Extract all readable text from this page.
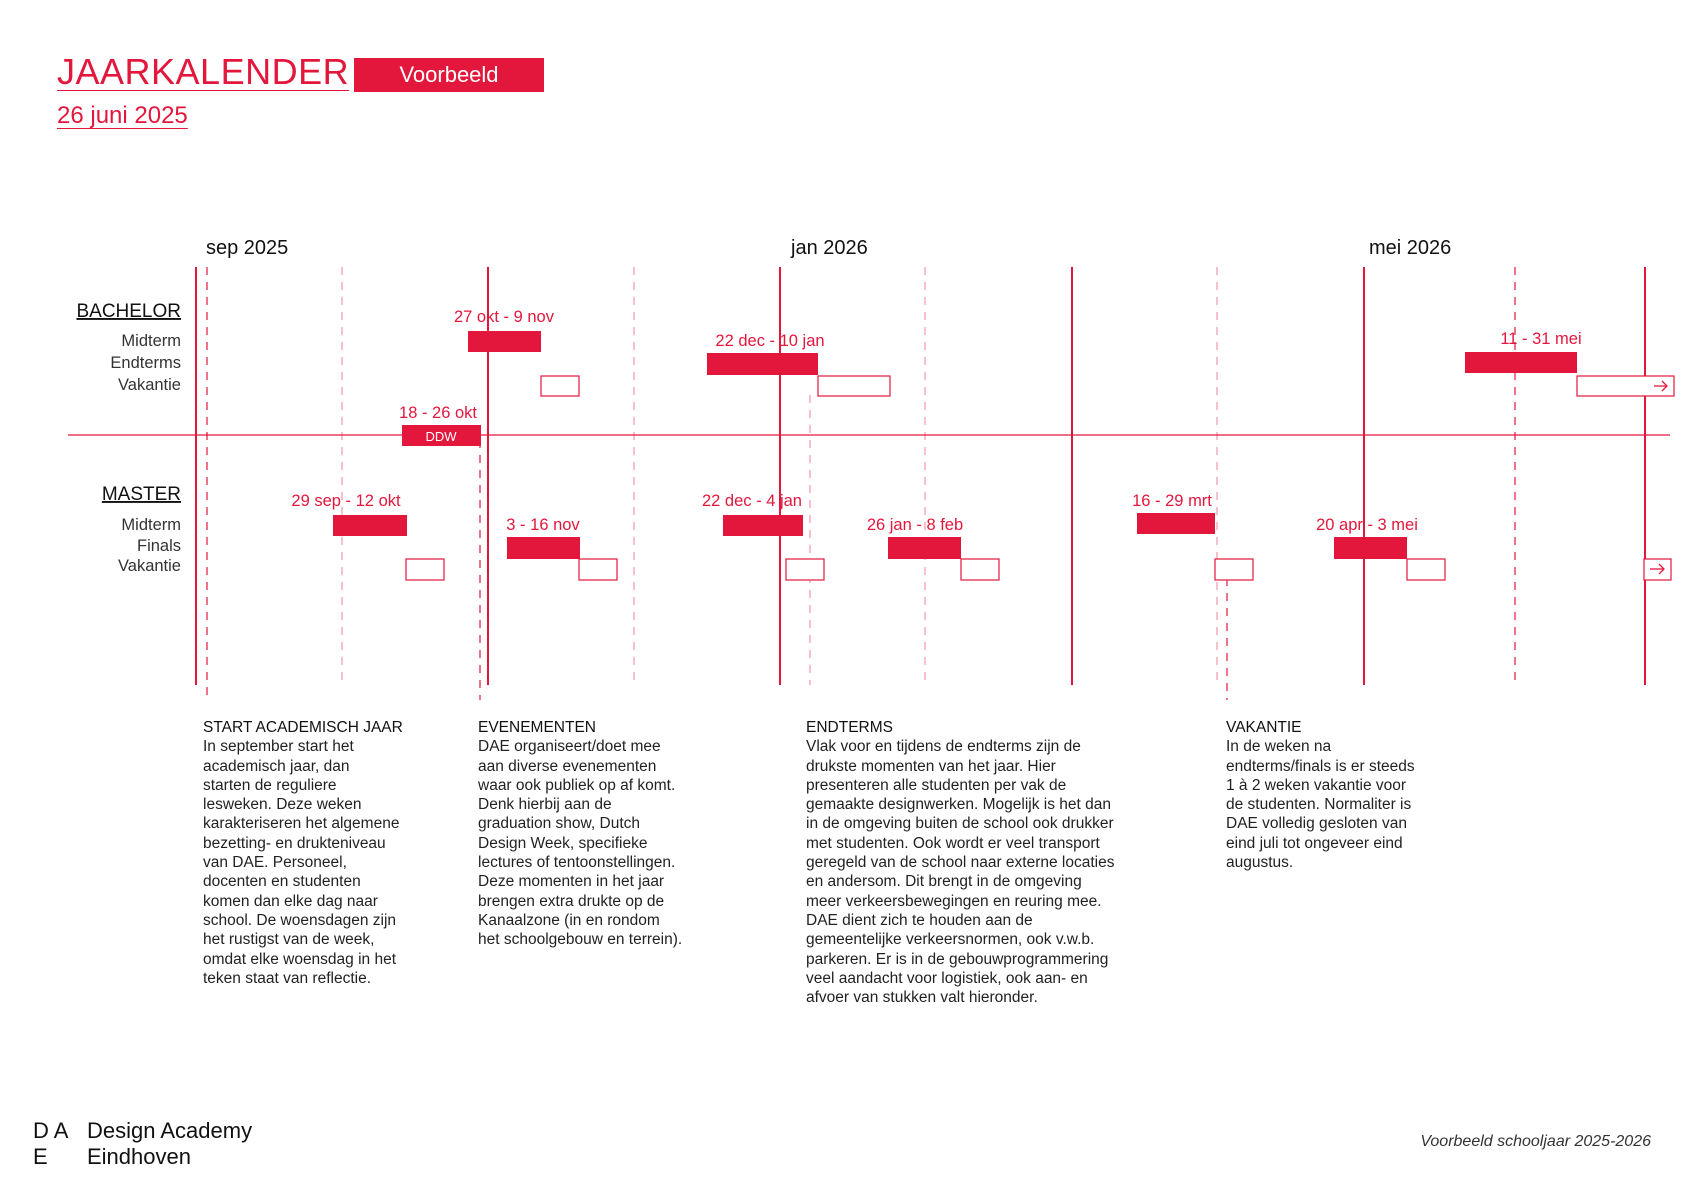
JAARKALENDER
26 juni 2025
Voorbeeld
sep 2025	jan 2026	mei 2026
BACHELOR
Midterm
Endterms
Vakantie
MASTER
Midterm
Finals
Vakantie
27 okt - 9 nov
22 dec - 10 jan	11 - 31 mei
18 - 26 okt
DDW
29 sep - 12 okt
3 - 16 nov
22 dec - 4 jan
26 jan - 8 feb
16 - 29 mrt
20 apr - 3 mei
START ACADEMISCH JAAR
In september start het
academisch jaar, dan
starten de reguliere
lesweken. Deze weken
karakteriseren het algemene
bezetting- en drukteniveau
van DAE. Personeel,
docenten en studenten
komen dan elke dag naar
school. De woensdagen zijn
het rustigst van de week,
omdat elke woensdag in het
teken staat van reflectie.
EVENEMENTEN
DAE organiseert/doet mee
aan diverse evenementen
waar ook publiek op af komt.
Denk hierbij aan de
graduation show, Dutch
Design Week, specifieke
lectures of tentoonstellingen.
Deze momenten in het jaar
brengen extra drukte op de
Kanaalzone (in en rondom
het schoolgebouw en terrein).
ENDTERMS
Vlak voor en tijdens de endterms zijn de
drukste momenten van het jaar. Hier
presenteren alle studenten per vak de
gemaakte designwerken. Mogelijk is het dan
in de omgeving buiten de school ook drukker
met studenten. Ook wordt er veel transport
geregeld van de school naar externe locaties
en andersom. Dit brengt in de omgeving
meer verkeersbewegingen en reuring mee.
DAE dient zich te houden aan de
gemeentelijke verkeersnormen, ook v.w.b.
parkeren. Er is in de gebouwprogrammering
veel aandacht voor logistiek, ook aan- en
afvoer van stukken valt hieronder.
VAKANTIE
In de weken na
endterms/finals is er steeds
1 à 2 weken vakantie voor
de studenten. Normaliter is
DAE volledig gesloten van
eind juli tot ongeveer eind
augustus.
D A
E
Design Academy
Eindhoven
Voorbeeld schooljaar 2025-2026
